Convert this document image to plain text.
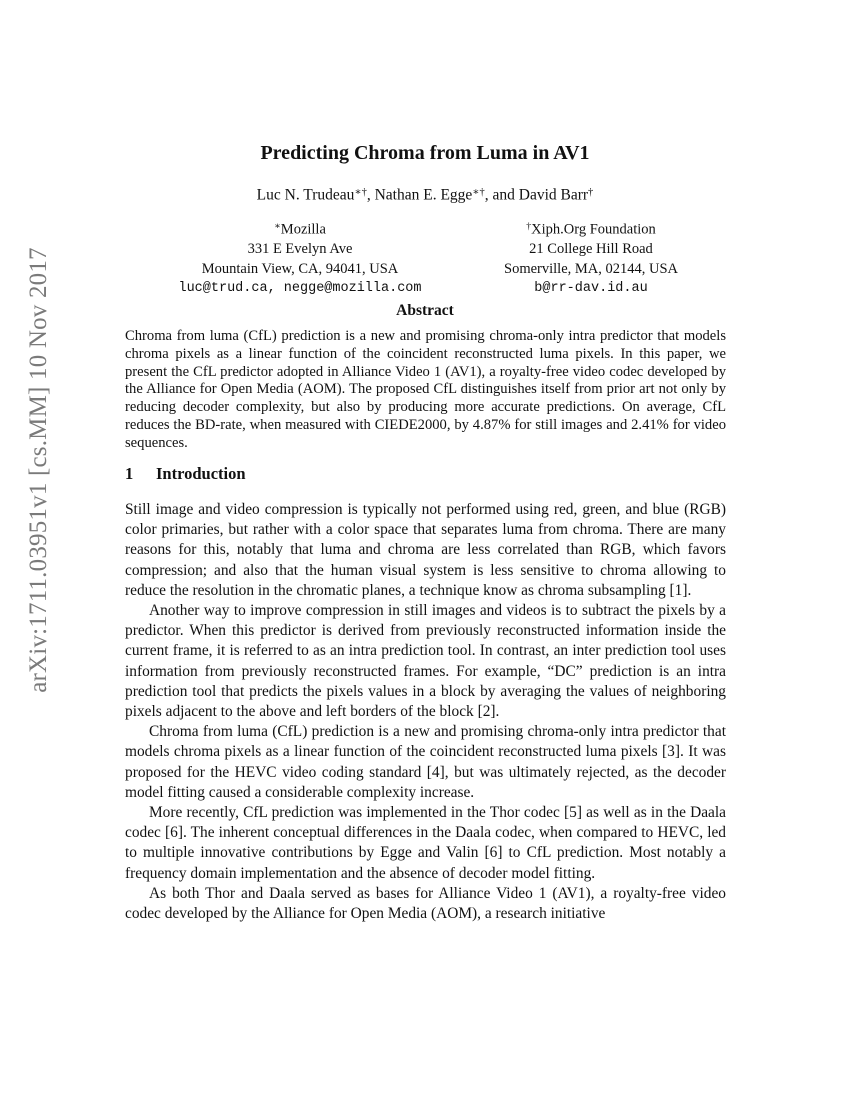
arXiv:1711.03951v1 [cs.MM] 10 Nov 2017
Predicting Chroma from Luma in AV1
Luc N. Trudeau∗†, Nathan E. Egge∗†, and David Barr†
∗Mozilla
331 E Evelyn Ave
Mountain View, CA, 94041, USA
luc@trud.ca, negge@mozilla.com
†Xiph.Org Foundation
21 College Hill Road
Somerville, MA, 02144, USA
b@rr-dav.id.au
Abstract

Chroma from luma (CfL) prediction is a new and promising chroma-only intra predictor that models chroma pixels as a linear function of the coincident reconstructed luma pixels. In this paper, we present the CfL predictor adopted in Alliance Video 1 (AV1), a royalty-free video codec developed by the Alliance for Open Media (AOM). The proposed CfL distinguishes itself from prior art not only by reducing decoder complexity, but also by producing more accurate predictions. On average, CfL reduces the BD-rate, when measured with CIEDE2000, by 4.87% for still images and 2.41% for video sequences.

1 Introduction

Still image and video compression is typically not performed using red, green, and blue (RGB) color primaries, but rather with a color space that separates luma from chroma. There are many reasons for this, notably that luma and chroma are less correlated than RGB, which favors compression; and also that the human visual system is less sensitive to chroma allowing to reduce the resolution in the chromatic planes, a technique know as chroma subsampling [1].

Another way to improve compression in still images and videos is to subtract the pixels by a predictor. When this predictor is derived from previously reconstructed information inside the current frame, it is referred to as an intra prediction tool. In contrast, an inter prediction tool uses information from previously reconstructed frames. For example, “DC” prediction is an intra prediction tool that predicts the pixels values in a block by averaging the values of neighboring pixels adjacent to the above and left borders of the block [2].

Chroma from luma (CfL) prediction is a new and promising chroma-only intra predictor that models chroma pixels as a linear function of the coincident reconstructed luma pixels [3]. It was proposed for the HEVC video coding standard [4], but was ultimately rejected, as the decoder model fitting caused a considerable complexity increase.

More recently, CfL prediction was implemented in the Thor codec [5] as well as in the Daala codec [6]. The inherent conceptual differences in the Daala codec, when compared to HEVC, led to multiple innovative contributions by Egge and Valin [6] to CfL prediction. Most notably a frequency domain implementation and the absence of decoder model fitting.

As both Thor and Daala served as bases for Alliance Video 1 (AV1), a royalty-free video codec developed by the Alliance for Open Media (AOM), a research initiative
